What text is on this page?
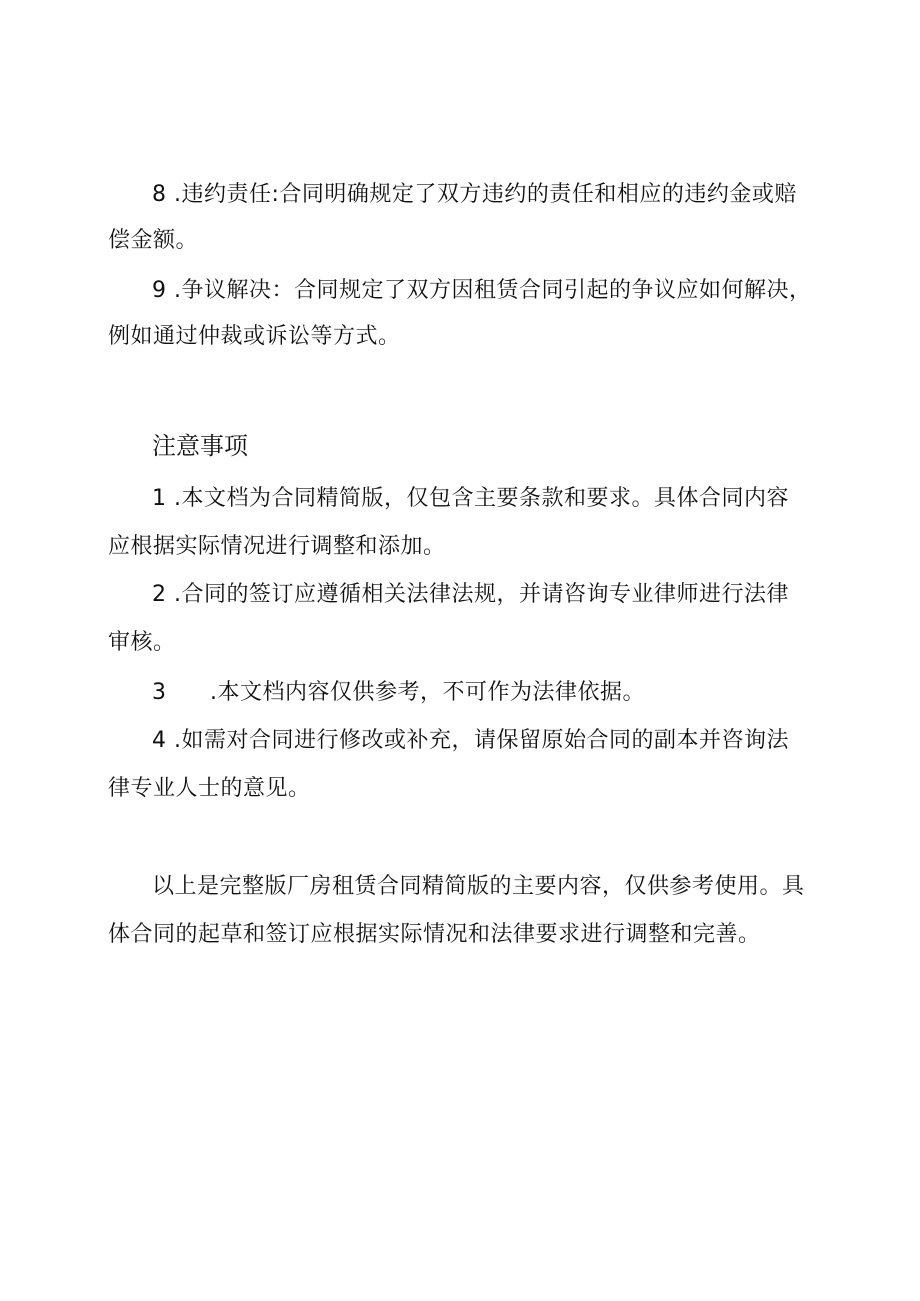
8 .违约责任:合同明确规定了双方违约的责任和相应的违约金或赔
偿金额。
9 .争议解决：合同规定了双方因租赁合同引起的争议应如何解决，
例如通过仲裁或诉讼等方式。
注意事项
1 .本文档为合同精简版，仅包含主要条款和要求。具体合同内容
应根据实际情况进行调整和添加。
2 .合同的签订应遵循相关法律法规，并请咨询专业律师进行法律
审核。
3 .本文档内容仅供参考，不可作为法律依据。
4 .如需对合同进行修改或补充，请保留原始合同的副本并咨询法
律专业人士的意见。
以上是完整版厂房租赁合同精简版的主要内容，仅供参考使用。具
体合同的起草和签订应根据实际情况和法律要求进行调整和完善。
